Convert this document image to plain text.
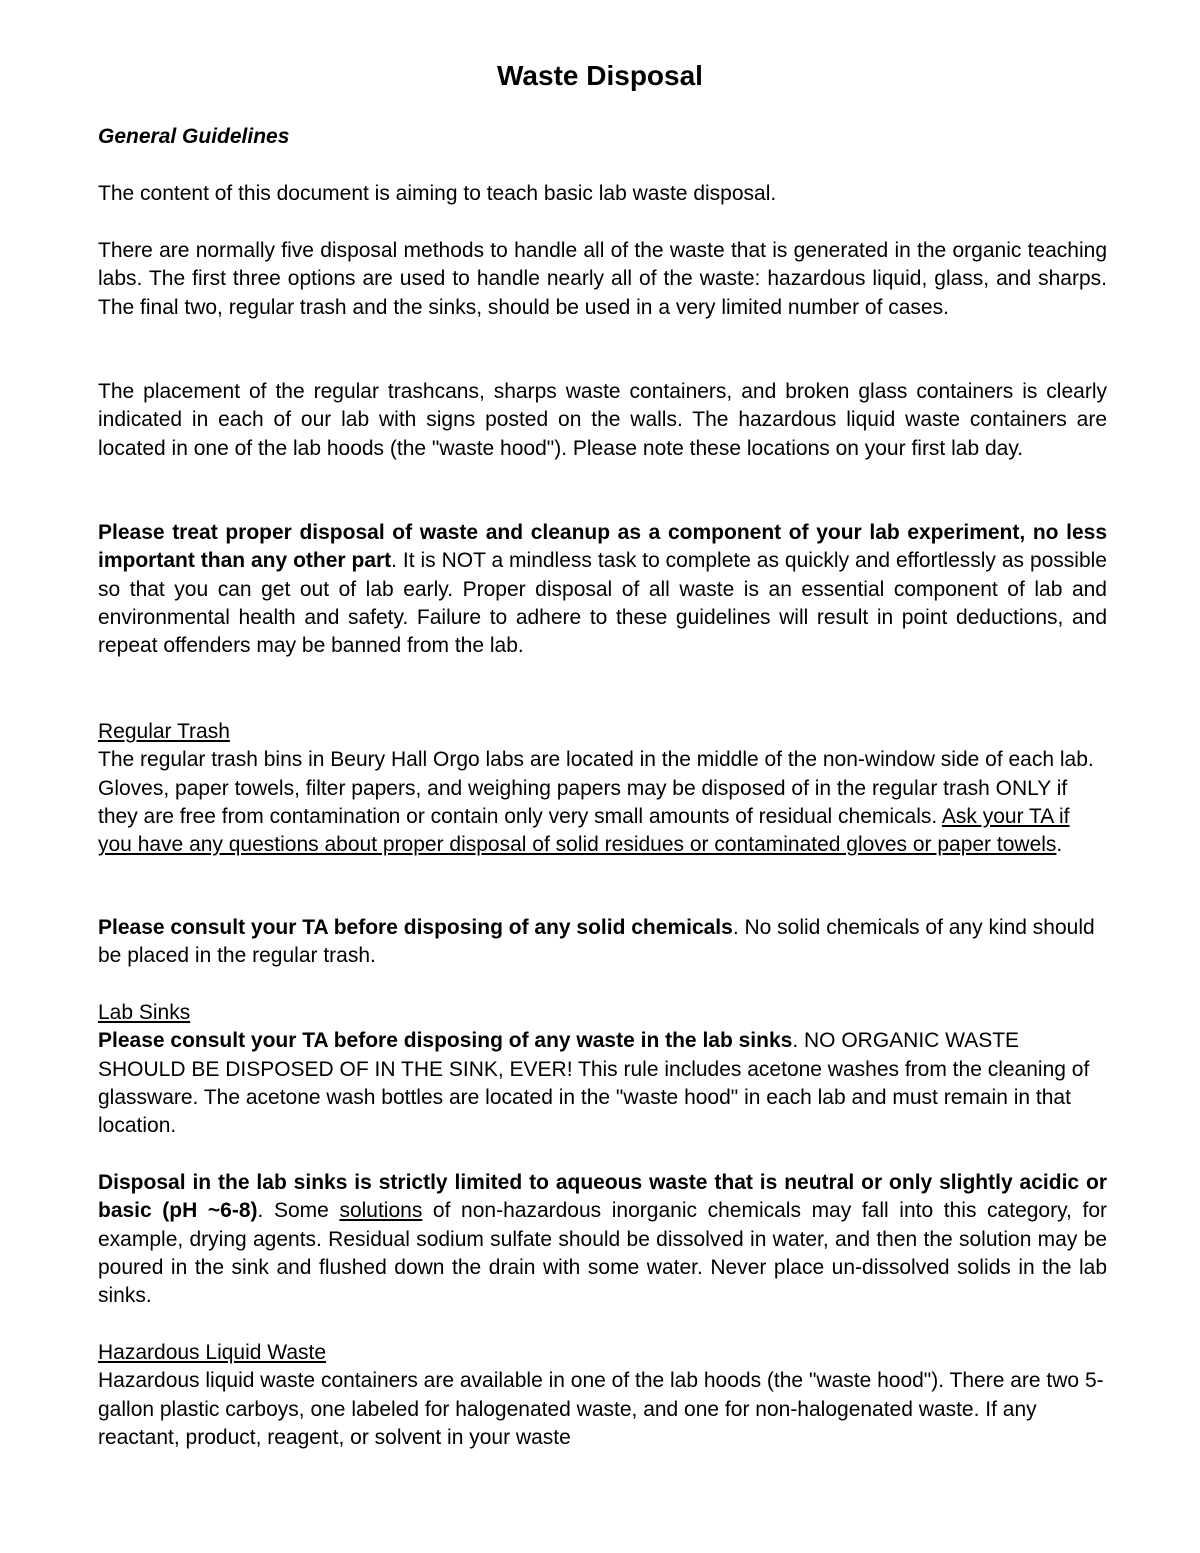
Waste Disposal
General Guidelines

The content of this document is aiming to teach basic lab waste disposal.

There are normally five disposal methods to handle all of the waste that is generated in the organic teaching labs. The first three options are used to handle nearly all of the waste: hazardous liquid, glass, and sharps. The final two, regular trash and the sinks, should be used in a very limited number of cases.

The placement of the regular trashcans, sharps waste containers, and broken glass containers is clearly indicated in each of our lab with signs posted on the walls. The hazardous liquid waste containers are located in one of the lab hoods (the "waste hood"). Please note these locations on your first lab day.

Please treat proper disposal of waste and cleanup as a component of your lab experiment, no less important than any other part. It is NOT a mindless task to complete as quickly and effortlessly as possible so that you can get out of lab early. Proper disposal of all waste is an essential component of lab and environmental health and safety. Failure to adhere to these guidelines will result in point deductions, and repeat offenders may be banned from the lab.

Regular Trash
The regular trash bins in Beury Hall Orgo labs are located in the middle of the non-window side of each lab. Gloves, paper towels, filter papers, and weighing papers may be disposed of in the regular trash ONLY if they are free from contamination or contain only very small amounts of residual chemicals. Ask your TA if you have any questions about proper disposal of solid residues or contaminated gloves or paper towels.

Please consult your TA before disposing of any solid chemicals. No solid chemicals of any kind should be placed in the regular trash.

Lab Sinks
Please consult your TA before disposing of any waste in the lab sinks. NO ORGANIC WASTE SHOULD BE DISPOSED OF IN THE SINK, EVER! This rule includes acetone washes from the cleaning of glassware. The acetone wash bottles are located in the "waste hood" in each lab and must remain in that location.

Disposal in the lab sinks is strictly limited to aqueous waste that is neutral or only slightly acidic or basic (pH ~6-8). Some solutions of non-hazardous inorganic chemicals may fall into this category, for example, drying agents. Residual sodium sulfate should be dissolved in water, and then the solution may be poured in the sink and flushed down the drain with some water. Never place un-dissolved solids in the lab sinks.

Hazardous Liquid Waste
Hazardous liquid waste containers are available in one of the lab hoods (the "waste hood"). There are two 5-gallon plastic carboys, one labeled for halogenated waste, and one for non-halogenated waste. If any reactant, product, reagent, or solvent in your waste
